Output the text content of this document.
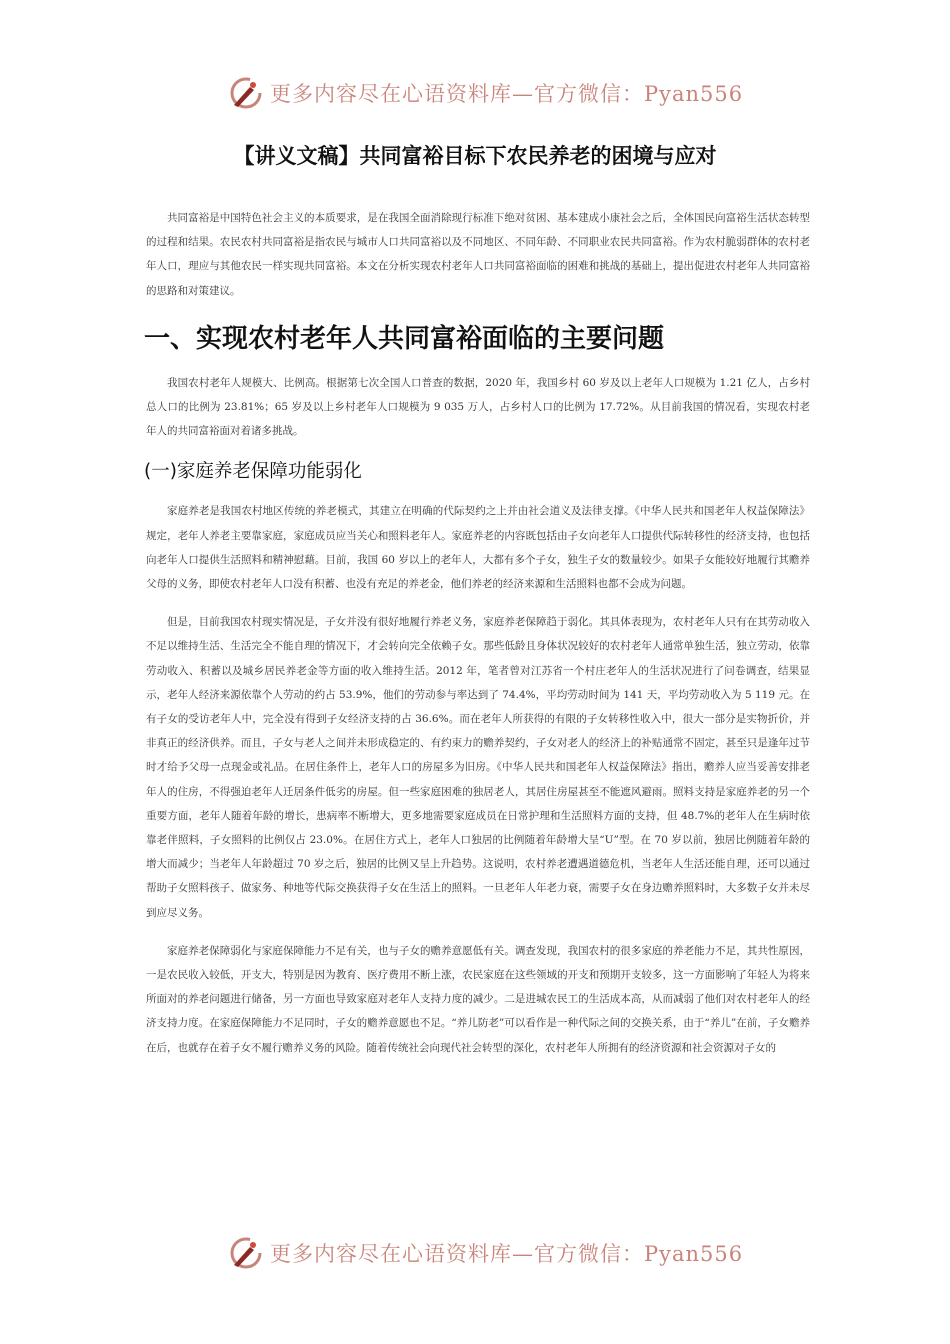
更多内容尽在心语资料库—官方微信：Pyan556
【讲义文稿】共同富裕目标下农民养老的困境与应对

共同富裕是中国特色社会主义的本质要求，是在我国全面消除现行标准下绝对贫困、基本建成小康社会之后，全体国民向富裕生活状态转型的过程和结果。农民农村共同富裕是指农民与城市人口共同富裕以及不同地区、不同年龄、不同职业农民共同富裕。作为农村脆弱群体的农村老年人口，理应与其他农民一样实现共同富裕。本文在分析实现农村老年人口共同富裕面临的困难和挑战的基础上，提出促进农村老年人共同富裕的思路和对策建议。

一、实现农村老年人共同富裕面临的主要问题

我国农村老年人规模大、比例高。根据第七次全国人口普查的数据，2020 年，我国乡村 60 岁及以上老年人口规模为 1.21 亿人，占乡村总人口的比例为 23.81%；65 岁及以上乡村老年人口规模为 9 035 万人，占乡村人口的比例为 17.72%。从目前我国的情况看，实现农村老年人的共同富裕面对着诸多挑战。

(一)家庭养老保障功能弱化

家庭养老是我国农村地区传统的养老模式，其建立在明确的代际契约之上并由社会道义及法律支撑。《中华人民共和国老年人权益保障法》规定，老年人养老主要靠家庭，家庭成员应当关心和照料老年人。家庭养老的内容既包括由子女向老年人口提供代际转移性的经济支持，也包括向老年人口提供生活照料和精神慰藉。目前，我国 60 岁以上的老年人，大都有多个子女，独生子女的数量较少。如果子女能较好地履行其赡养父母的义务，即使农村老年人口没有积蓄、也没有充足的养老金，他们养老的经济来源和生活照料也都不会成为问题。

但是，目前我国农村现实情况是，子女并没有很好地履行养老义务，家庭养老保障趋于弱化。其具体表现为，农村老年人只有在其劳动收入不足以维持生活、生活完全不能自理的情况下，才会转向完全依赖子女。那些低龄且身体状况较好的农村老年人通常单独生活，独立劳动，依靠劳动收入、积蓄以及城乡居民养老金等方面的收入维持生活。2012 年，笔者曾对江苏省一个村庄老年人的生活状况进行了问卷调查，结果显示，老年人经济来源依靠个人劳动的约占 53.9%，他们的劳动参与率达到了 74.4%，平均劳动时间为 141 天，平均劳动收入为 5 119 元。在有子女的受访老年人中，完全没有得到子女经济支持的占 36.6%。而在老年人所获得的有限的子女转移性收入中，很大一部分是实物折价，并非真正的经济供养。而且，子女与老人之间并未形成稳定的、有约束力的赡养契约，子女对老人的经济上的补贴通常不固定，甚至只是逢年过节时才给予父母一点现金或礼品。在居住条件上，老年人口的房屋多为旧房。《中华人民共和国老年人权益保障法》指出，赡养人应当妥善安排老年人的住房，不得强迫老年人迁居条件低劣的房屋。但一些家庭困难的独居老人，其居住房屋甚至不能遮风避雨。照料支持是家庭养老的另一个重要方面，老年人随着年龄的增长，患病率不断增大，更多地需要家庭成员在日常护理和生活照料方面的支持，但 48.7%的老年人在生病时依靠老伴照料，子女照料的比例仅占 23.0%。在居住方式上，老年人口独居的比例随着年龄增大呈“U”型。在 70 岁以前，独居比例随着年龄的增大而减少；当老年人年龄超过 70 岁之后，独居的比例又呈上升趋势。这说明，农村养老遭遇道德危机，当老年人生活还能自理，还可以通过帮助子女照料孩子、做家务、种地等代际交换获得子女在生活上的照料。一旦老年人年老力衰，需要子女在身边赡养照料时，大多数子女并未尽到应尽义务。

家庭养老保障弱化与家庭保障能力不足有关，也与子女的赡养意愿低有关。调查发现，我国农村的很多家庭的养老能力不足，其共性原因，一是农民收入较低，开支大，特别是因为教育、医疗费用不断上涨，农民家庭在这些领域的开支和预期开支较多，这一方面影响了年轻人为将来所面对的养老问题进行储备，另一方面也导致家庭对老年人支持力度的减少。二是进城农民工的生活成本高，从而减弱了他们对农村老年人的经济支持力度。在家庭保障能力不足同时，子女的赡养意愿也不足。“养儿防老”可以看作是一种代际之间的交换关系，由于“养儿”在前，子女赡养在后，也就存在着子女不履行赡养义务的风险。随着传统社会向现代社会转型的深化，农村老年人所拥有的经济资源和社会资源对子女的

更多内容尽在心语资料库—官方微信：Pyan556
